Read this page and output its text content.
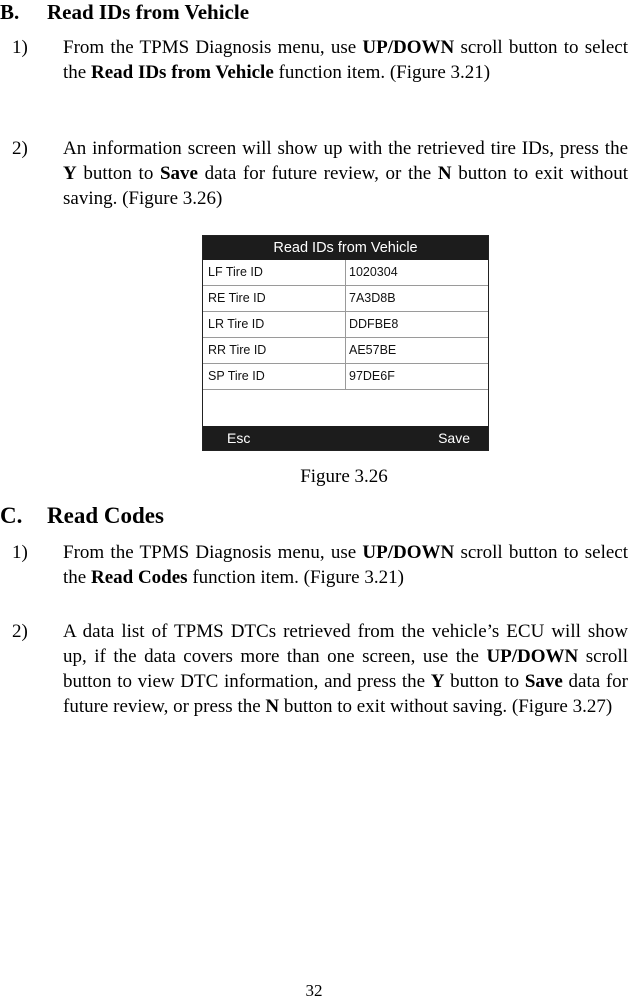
B. Read IDs from Vehicle
1) From the TPMS Diagnosis menu, use UP/DOWN scroll button to select the Read IDs from Vehicle function item. (Figure 3.21)
2) An information screen will show up with the retrieved tire IDs, press the Y button to Save data for future review, or the N button to exit without saving. (Figure 3.26)
Read IDs from Vehicle
LF Tire ID	1020304
RE Tire ID	7A3D8B
LR Tire ID	DDFBE8
RR Tire ID	AE57BE
SP Tire ID	97DE6F
Esc	Save
Figure 3.26
C. Read Codes
1) From the TPMS Diagnosis menu, use UP/DOWN scroll button to select the Read Codes function item. (Figure 3.21)
2) A data list of TPMS DTCs retrieved from the vehicle’s ECU will show up, if the data covers more than one screen, use the UP/DOWN scroll button to view DTC information, and press the Y button to Save data for future review, or press the N button to exit without saving. (Figure 3.27)
32
